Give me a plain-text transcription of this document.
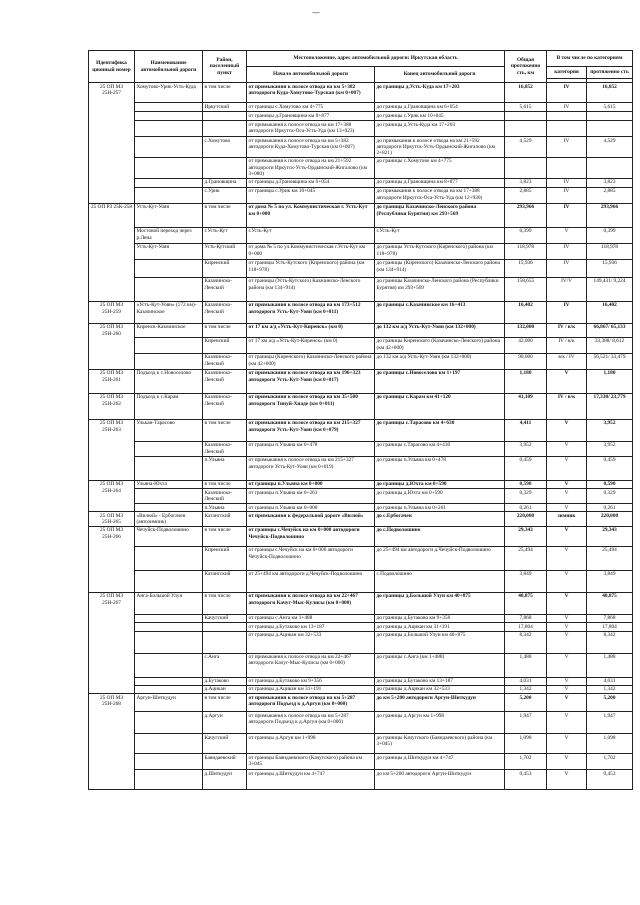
—
Идентифика ционный номер	Наименование автомобильной дороги	Район, населенный пункт	Местоположение, адрес автомобильной дороги: Иркутская область		Общая протяженно сть, км	В том числе по категориям	
			Начало автомобильной дороги	Конец автомобильной дороги		категория	протяженно сть

25 ОП МЗ 25Н-257	Хомутово-Урик-Усть-Куда	в том числе	от примыкания к полосе отвода на км 5+382 автодороги Куда-Хомутово-Турская (км 0+007)	до границы д.Усть-Куда км 17+203	16,852	IV	16,852
		Иркутский	от границы с.Хомутово км 4+775	до границы д.Грановщина км 6+054	5,615	IV	5,615
			от границы д.Грановщина км 8+877	до границы с.Урик км 10+045			
			от примыкания к полосе отвода на км 17+388 автодороги Иркутск-Оса-Усть-Уда (км 13+023)	до границы д.Усть-Куда км 17+203			
		с.Хомутово	от примыкания к полосе отвода на км 5+382 автодороги Куда-Хомутово-Турская (км 0+007)	до примыкания к полосе отвода на км 21+592 автодороги Иркутск-Усть-Ордынский-Жигалово (км 2+821)	4,529	IV	4,529
			от примыкания к полосе отвода на км 21+592 автодороги Иркутск-Усть-Ордынский-Жигалово (км 3+080)	до границы с.Хомутово км 4+775			
		д.Грановщина	от границы д.Грановщина км 6+054	до границы д.Грановщина км 8+877	3,823	IV	3,823
		с.Урик	от границы с.Урик км 10+045	до примыкания к полосе отвода на км 17+388 автодороги Иркутск-Оса-Усть-Уда (км 12+930)	2,885	IV	2,885
25 ОП РЗ 25К-258	Усть-Кут-Уоян	в том числе	от дома № 5 по ул. Коммунистическая г. Усть-Кут км 0+000	до границы Казачинско-Ленского района (Республики Бурятия) км 293+569	293,966	IV	293,966
	Мостовой переход через р.Лена	г.Усть-Кут	г.Усть-Кут	г.Усть-Кут	0,399	V	0,399
	Усть-Кут-Уоян	Усть-Кутский	от дома № 5 по ул.Коммунистическая г.Усть-Кут км 0+000	до границы Усть-Кутского (Киренского) района (км 118+978)	118,978	IV	118,978
		Киренский	от границы Усть-Кутского (Киренского) района (км 118+978)	до границы (Киренского) Казачинско-Ленского района (км 134+914)	15,936	IV	15,936
		Казачинско-Ленский	от границы (Усть-Кутского) Казачинско-Ленского района (км 134+914)	до границы Казачинско-Ленского района (Республики Бурятия) км 293+569	158,655	IV/V	149,431/ 9,224
25 ОП МЗ 25Н-259	«Усть-Кут-Уоян» (172 км)-Казачинское	Казачинско-Ленский	от примыкания к полосе отвода на км 173+512 автодороги Усть-Кут-Уоян (км 0+011)	до границы с.Казачинское км 16+413	16,402	IV	16,402
25 ОП МЗ 25Н-260	Киренск-Казачинское	в том числе	от 17 км а/д «Усть-Кут-Киренск» (км 0)	до 132 км а/д Усть-Кут-Уоян (км 132+000)	132,000	IV / в/к	66,867/ 65,133
		Киренский	от 17 км а/д «Усть-Кут-Киренск» (км 0)	до границы Киренского (Казачинско-Ленского) района (км 42+000)	42,000	IV / в/к	33,388/ 8,612
		Казачинско-Ленский	от границы (Киренского) Казачинско-Ленского района (км 42+000)	до 132 км а/д Усть-Кут-Уоян (км 132+000)	90,000	в/к / IV	56,521/ 33,479
25 ОП МЗ 25Н-261	Подъезд к с.Новоселово	Казачинско-Ленский	от примыкания к полосе отвода на км 196+323 автодороги Усть-Кут-Уоян (км 0+017)	до границы с.Новоселово км 1+197	1,180	V	1,180
25 ОП МЗ 25Н-262	Подъезд к с.Карам	Казачинско-Ленский	от примыкания к полосе отвода на км 35+500 автодороги Тинуй-Хиаде (км 0+011)	до границы с.Карам км 41+120	41,109	IV / в/к	17,330/ 23,779
25 ОП МЗ 25Н-263	Улькан-Тарасово	в том числе	от примыкания к полосе отвода на км 215+327 автодороги Усть-Кут-Уоян (км 0+079)	до границы с.Тарасово км 4+630	4,411	V	3,952
		Казачинско-Ленский	от границы п.Ульяна км 0+478	до границы с.Тарасово км 4+430	3,952	V	3,952
		п.Ульяна	от примыкания к полосе отвода на км 215+327 автодороги Усть-Кут-Уоян (км 0+019)	до границы п.Ульяна км 0+478	0,459	V	0,459
25 ОП МЗ 25Н-264	Ульяна-Юхта	в том числе	от границы п.Ульяна км 0+000	до границы д.Юхта км 0+590	0,590	V	0,590
		Казачинско-Ленский	от границы п.Ульяна км 0+261	до границы д.Юхта км 0+590	0,329	V	0,329
		п.Ульяна	от границы п.Ульяна км 0+000	до границы п.Ульяна км 0+261	0,261	V	0,261
25 ОП МЗ 25Н-265	«Вилюй» - Ербогачен (автозимник)	Катангский	от примыкания к федеральной дороге «Вилюй»	до с.Ербогачен	220,000	зимник	220,000
25 ОП МЗ 25Н-266	Чечуйск-Подволошино	в том числе	от границы с.Чечуйск на км 0+000 автодороги Чечуйск-Подволошино	до с.Подволошино	29,343	V	29,343
		Киренский	от границы с.Чечуйск на км 0+000 автодороги Чечуйск-Подволошино	до 25+494 км автодороги д.Чечуйск-Подволошино	25,494	V	25,494
		Катангский	от 25+494 км автодороги д.Чечуйск-Подволошино	с.Подволошино	3,849	V	3,849
25 ОП МЗ 25Н-267	Анга-Большой Улун	в том числе	от примыкания к полосе отвода на км 22+467 автодороги Качуг-Мыс-Кулисы (км 0+000)	до границы д.Большой Улун км 40+875	40,875	V	40,875
		Качугский	от границы с.Анга км 1+488	до границы д.Бутаково км 9+356	7,868	V	7,868
			от границы д.Бутаково км 13+187	до границы д.Ацикан км 31+191	17,804	V	17,804
			от границы д.Ацикан км 32+533	до границы д.Большой Улун км 40+875	8,342	V	8,342
		с.Анга	от примыкания к полосе отвода на км 22+467 автодороги Качуг-Мыс-Кулисы (км 0+000)	до границы с.Анга (км 1+488)	1,488	V	1,488
		д.Бутаково	от границы д.Бутаково км 9+356	до границы д.Бутаково км 13+187	4,031	V	4,031
		д.Ацикан	от границы д.Ацикан км 31+191	до границы д.Ацикан км 32+533	1,342	V	1,342
25 ОП МЗ 25Н-268	Аргун-Шиткудун	в том числе	от примыкания к полосе отвода на км 5+287 автодороги Подъезд к д.Аргун (км 0+000)	до км 5+200 автодороги Аргун-Шиткудун	5,200	V	5,200
		д.Аргун	от примыкания к полосе отвода на км 5+287 автодороги Подъезд к д.Аргун (км 0+000)	до границы д.Аргун км 1+998	1,947	V	1,947
		Качугский	от границы д.Аргун км 1+998	до границы Качугского (Баяндаевского) района (км 3+045)	1,098	V	1,098
		Баяндаевский	от границы Баяндаевского (Качугского) района км 3+045	до границы д.Шиткудун км 4+747	1,702	V	1,702
		д.Шиткудун	от границы д.Шиткудун км 4+747	до км 5+200 автодороги Аргун-Шиткудун	0,453	V	0,453
